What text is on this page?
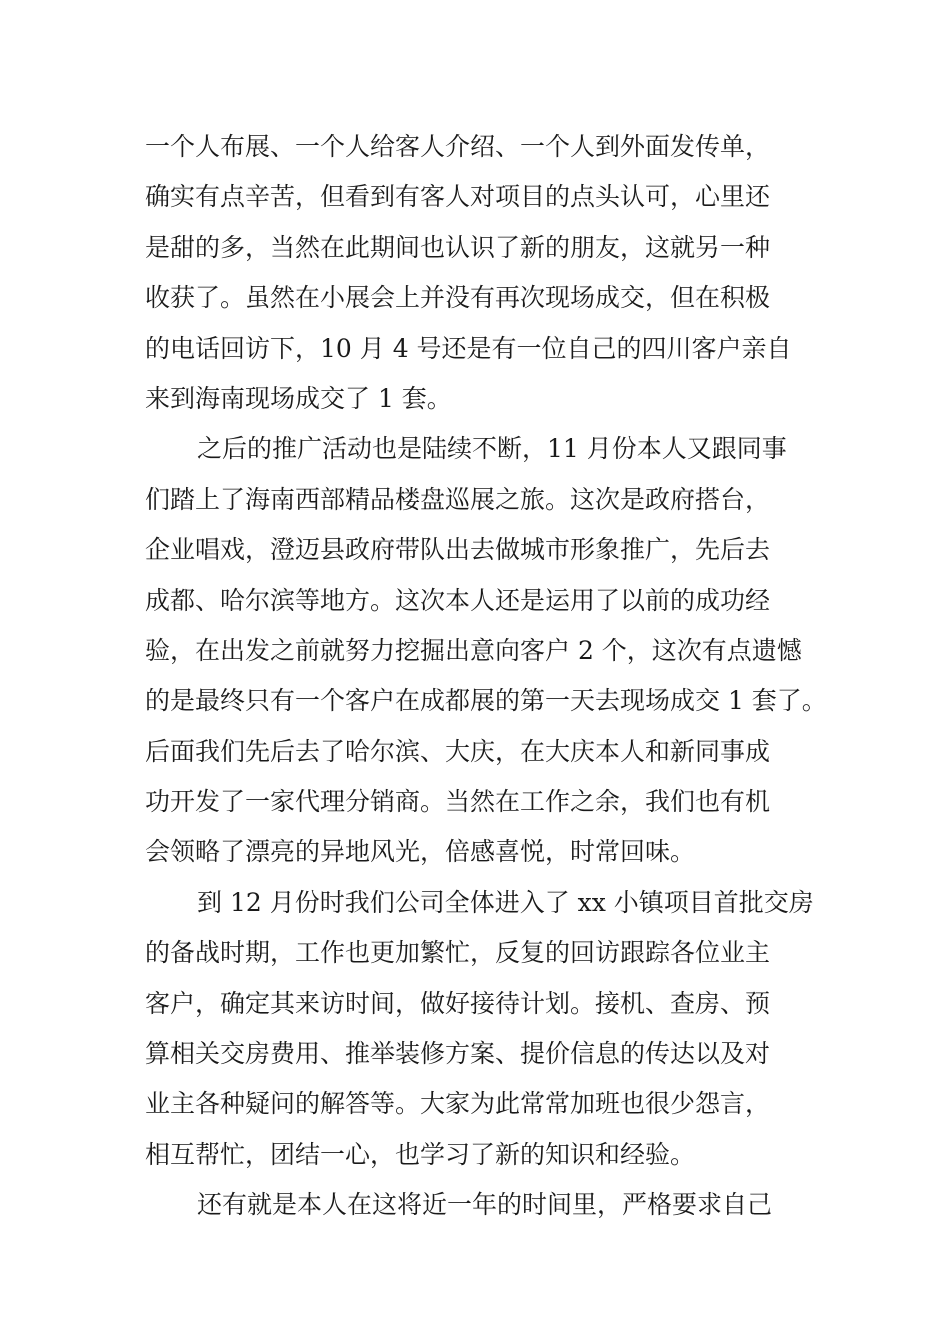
一个人布展、一个人给客人介绍、一个人到外面发传单，
确实有点辛苦，但看到有客人对项目的点头认可，心里还
是甜的多，当然在此期间也认识了新的朋友，这就另一种
收获了。虽然在小展会上并没有再次现场成交，但在积极
的电话回访下，10 月 4 号还是有一位自己的四川客户亲自
来到海南现场成交了 1 套。
之后的推广活动也是陆续不断，11 月份本人又跟同事
们踏上了海南西部精品楼盘巡展之旅。这次是政府搭台，
企业唱戏，澄迈县政府带队出去做城市形象推广，先后去
成都、哈尔滨等地方。这次本人还是运用了以前的成功经
验，在出发之前就努力挖掘出意向客户 2 个，这次有点遗憾
的是最终只有一个客户在成都展的第一天去现场成交 1 套了。
后面我们先后去了哈尔滨、大庆，在大庆本人和新同事成
功开发了一家代理分销商。当然在工作之余，我们也有机
会领略了漂亮的异地风光，倍感喜悦，时常回味。
到 12 月份时我们公司全体进入了 xx 小镇项目首批交房
的备战时期，工作也更加繁忙，反复的回访跟踪各位业主
客户，确定其来访时间，做好接待计划。接机、查房、预
算相关交房费用、推举装修方案、提价信息的传达以及对
业主各种疑问的解答等。大家为此常常加班也很少怨言，
相互帮忙，团结一心，也学习了新的知识和经验。
还有就是本人在这将近一年的时间里，严格要求自己
